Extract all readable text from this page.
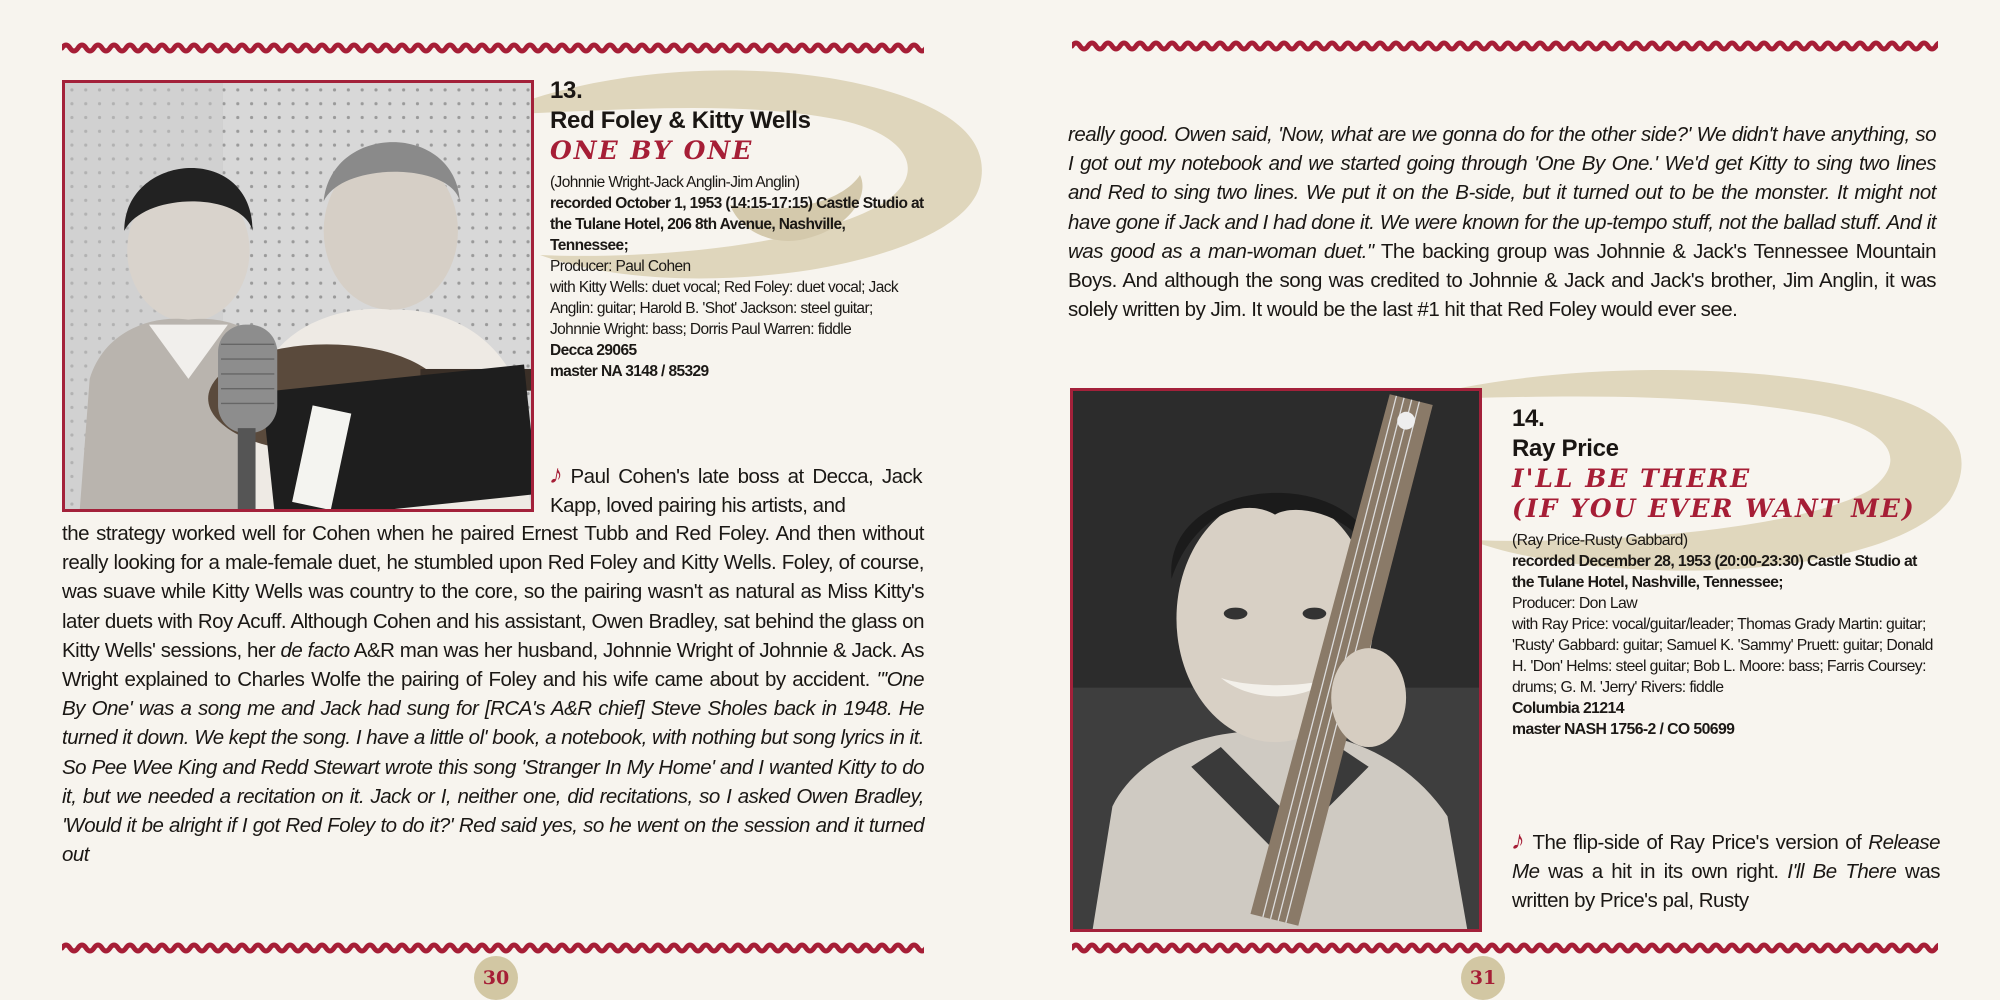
13.
Red Foley & Kitty Wells
ONE BY ONE
(Johnnie Wright-Jack Anglin-Jim Anglin)
recorded October 1, 1953 (14:15-17:15) Castle Studio at the Tulane Hotel, 206 8th Avenue, Nashville, Tennessee;
Producer: Paul Cohen
with Kitty Wells: duet vocal; Red Foley: duet vocal; Jack Anglin: guitar; Harold B. 'Shot' Jackson: steel guitar; Johnnie Wright: bass; Dorris Paul Warren: fiddle
Decca 29065
master NA 3148 / 85329
♪ Paul Cohen's late boss at Decca, Jack Kapp, loved pairing his artists, and
the strategy worked well for Cohen when he paired Ernest Tubb and Red Foley. And then without really looking for a male-female duet, he stumbled upon Red Foley and Kitty Wells. Foley, of course, was suave while Kitty Wells was country to the core, so the pairing wasn't as natural as Miss Kitty's later duets with Roy Acuff. Although Cohen and his assistant, Owen Bradley, sat behind the glass on Kitty Wells' sessions, her de facto A&R man was her husband, Johnnie Wright of Johnnie & Jack. As Wright explained to Charles Wolfe the pairing of Foley and his wife came about by accident. "'One By One' was a song me and Jack had sung for [RCA's A&R chief] Steve Sholes back in 1948. He turned it down. We kept the song. I have a little ol' book, a notebook, with nothing but song lyrics in it. So Pee Wee King and Redd Stewart wrote this song 'Stranger In My Home' and I wanted Kitty to do it, but we needed a recitation on it. Jack or I, neither one, did recitations, so I asked Owen Bradley, 'Would it be alright if I got Red Foley to do it?' Red said yes, so he went on the session and it turned out
30
really good. Owen said, 'Now, what are we gonna do for the other side?' We didn't have anything, so I got out my notebook and we started going through 'One By One.' We'd get Kitty to sing two lines and Red to sing two lines. We put it on the B-side, but it turned out to be the monster. It might not have gone if Jack and I had done it. We were known for the up-tempo stuff, not the ballad stuff. And it was good as a man-woman duet." The backing group was Johnnie & Jack's Tennessee Mountain Boys. And although the song was credited to Johnnie & Jack and Jack's brother, Jim Anglin, it was solely written by Jim. It would be the last #1 hit that Red Foley would ever see.
14.
Ray Price
I'LL BE THERE
(IF YOU EVER WANT ME)
(Ray Price-Rusty Gabbard)
recorded December 28, 1953 (20:00-23:30) Castle Studio at the Tulane Hotel, Nashville, Tennessee;
Producer: Don Law
with Ray Price: vocal/guitar/leader; Thomas Grady Martin: guitar; 'Rusty' Gabbard: guitar; Samuel K. 'Sammy' Pruett: guitar; Donald H. 'Don' Helms: steel guitar; Bob L. Moore: bass; Farris Coursey: drums; G. M. 'Jerry' Rivers: fiddle
Columbia 21214
master NASH 1756-2 / CO 50699
♪ The flip-side of Ray Price's version of Release Me was a hit in its own right. I'll Be There was written by Price's pal, Rusty
31
